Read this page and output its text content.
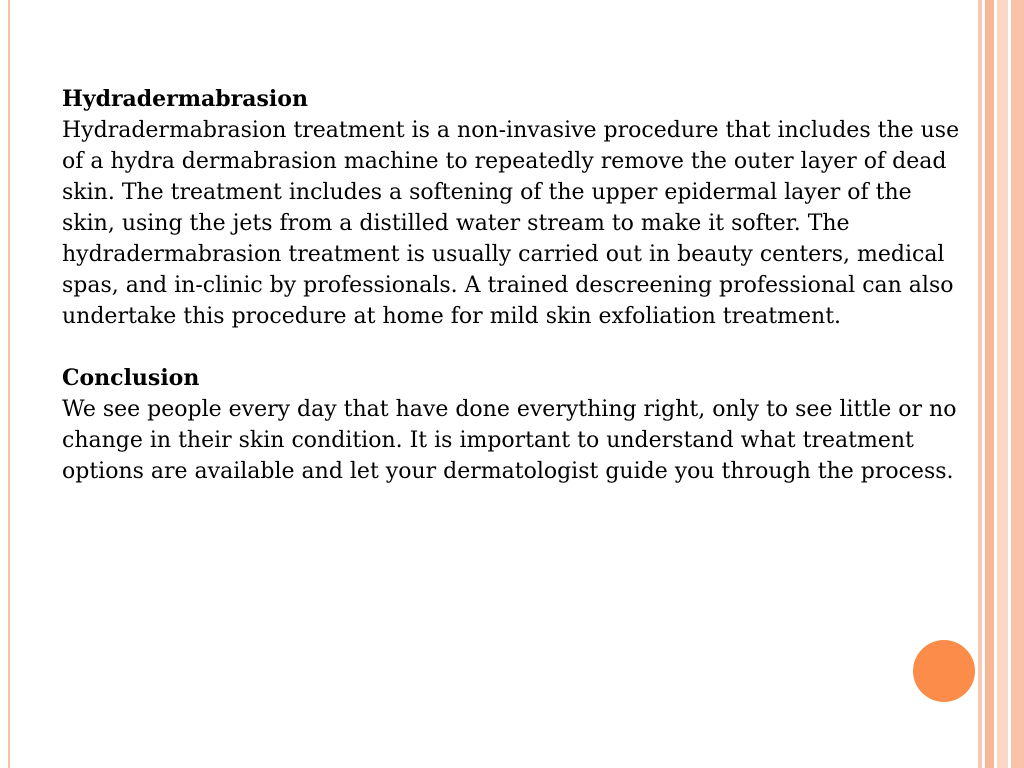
Hydradermabrasion

Hydradermabrasion treatment is a non-invasive procedure that includes the use of a hydra dermabrasion machine to repeatedly remove the outer layer of dead skin. The treatment includes a softening of the upper epidermal layer of the skin, using the jets from a distilled water stream to make it softer. The hydradermabrasion treatment is usually carried out in beauty centers, medical spas, and in-clinic by professionals. A trained descreening professional can also undertake this procedure at home for mild skin exfoliation treatment.

Conclusion

We see people every day that have done everything right, only to see little or no change in their skin condition. It is important to understand what treatment options are available and let your dermatologist guide you through the process.
